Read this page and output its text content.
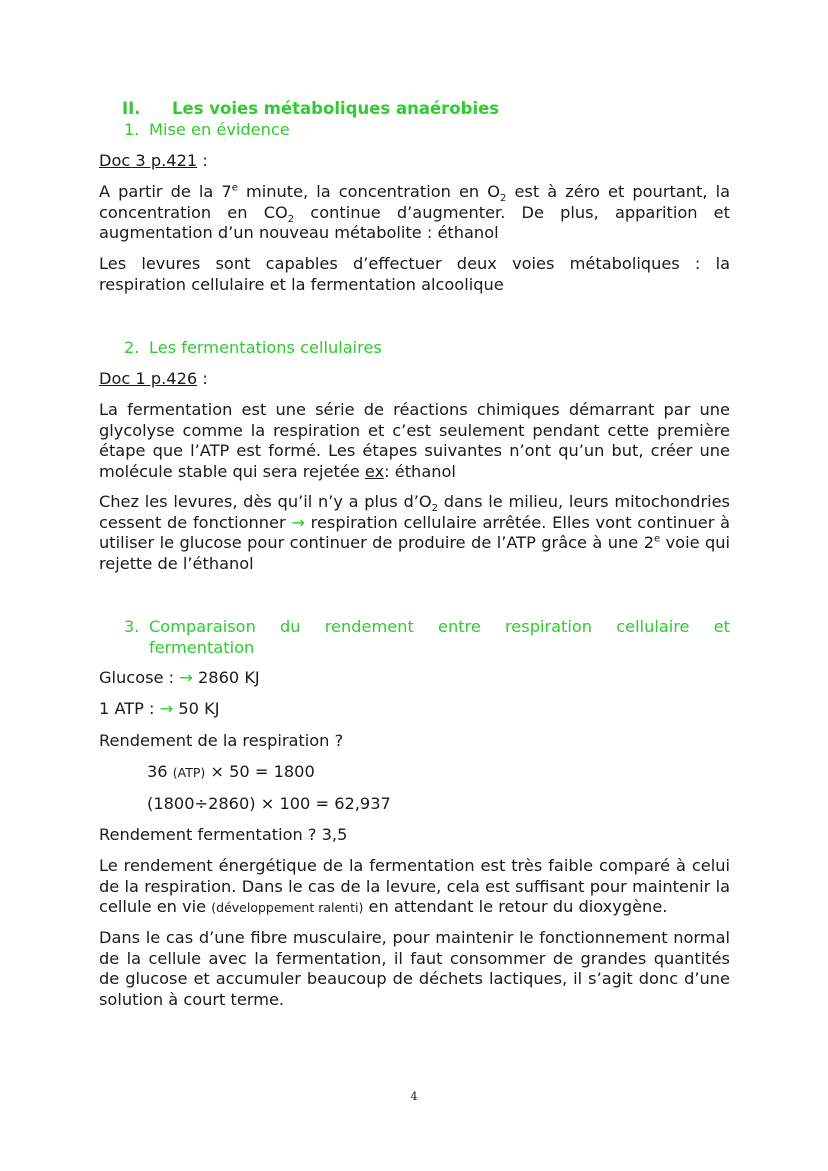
II. Les voies métaboliques anaérobies
1. Mise en évidence
Doc 3 p.421 :

A partir de la 7e minute, la concentration en $O_2$ est à zéro et pourtant, la concentration en $CO_2$ continue d’augmenter. De plus, apparition et augmentation d’un nouveau métabolite : éthanol

Les levures sont capables d’effectuer deux voies métaboliques : la respiration cellulaire et la fermentation alcoolique

2. Les fermentations cellulaires
Doc 1 p.426 :

La fermentation est une série de réactions chimiques démarrant par une glycolyse comme la respiration et c’est seulement pendant cette première étape que l’ATP est formé. Les étapes suivantes n’ont qu’un but, créer une molécule stable qui sera rejetée ex: éthanol

Chez les levures, dès qu’il n’y a plus $d’O_2$ dans le milieu, leurs mitochondries cessent de fonctionner → respiration cellulaire arrêtée. Elles vont continuer à utiliser le glucose pour continuer de produire de l’ATP grâce à une 2e voie qui rejette de l’éthanol

3. Comparaison du rendement entre respiration cellulaire et
fermentation
Glucose : → 2860 KJ
1 ATP : → 50 KJ
Rendement de la respiration ?
36 (ATP) × 50 = 1800
(1800÷2860) × 100 = 62,937
Rendement fermentation ? 3,5

Le rendement énergétique de la fermentation est très faible comparé à celui de la respiration. Dans le cas de la levure, cela est suffisant pour maintenir la cellule en vie (développement ralenti) en attendant le retour du dioxygène.

Dans le cas d’une fibre musculaire, pour maintenir le fonctionnement normal de la cellule avec la fermentation, il faut consommer de grandes quantités de glucose et accumuler beaucoup de déchets lactiques, il s’agit donc d’une solution à court terme.

4
